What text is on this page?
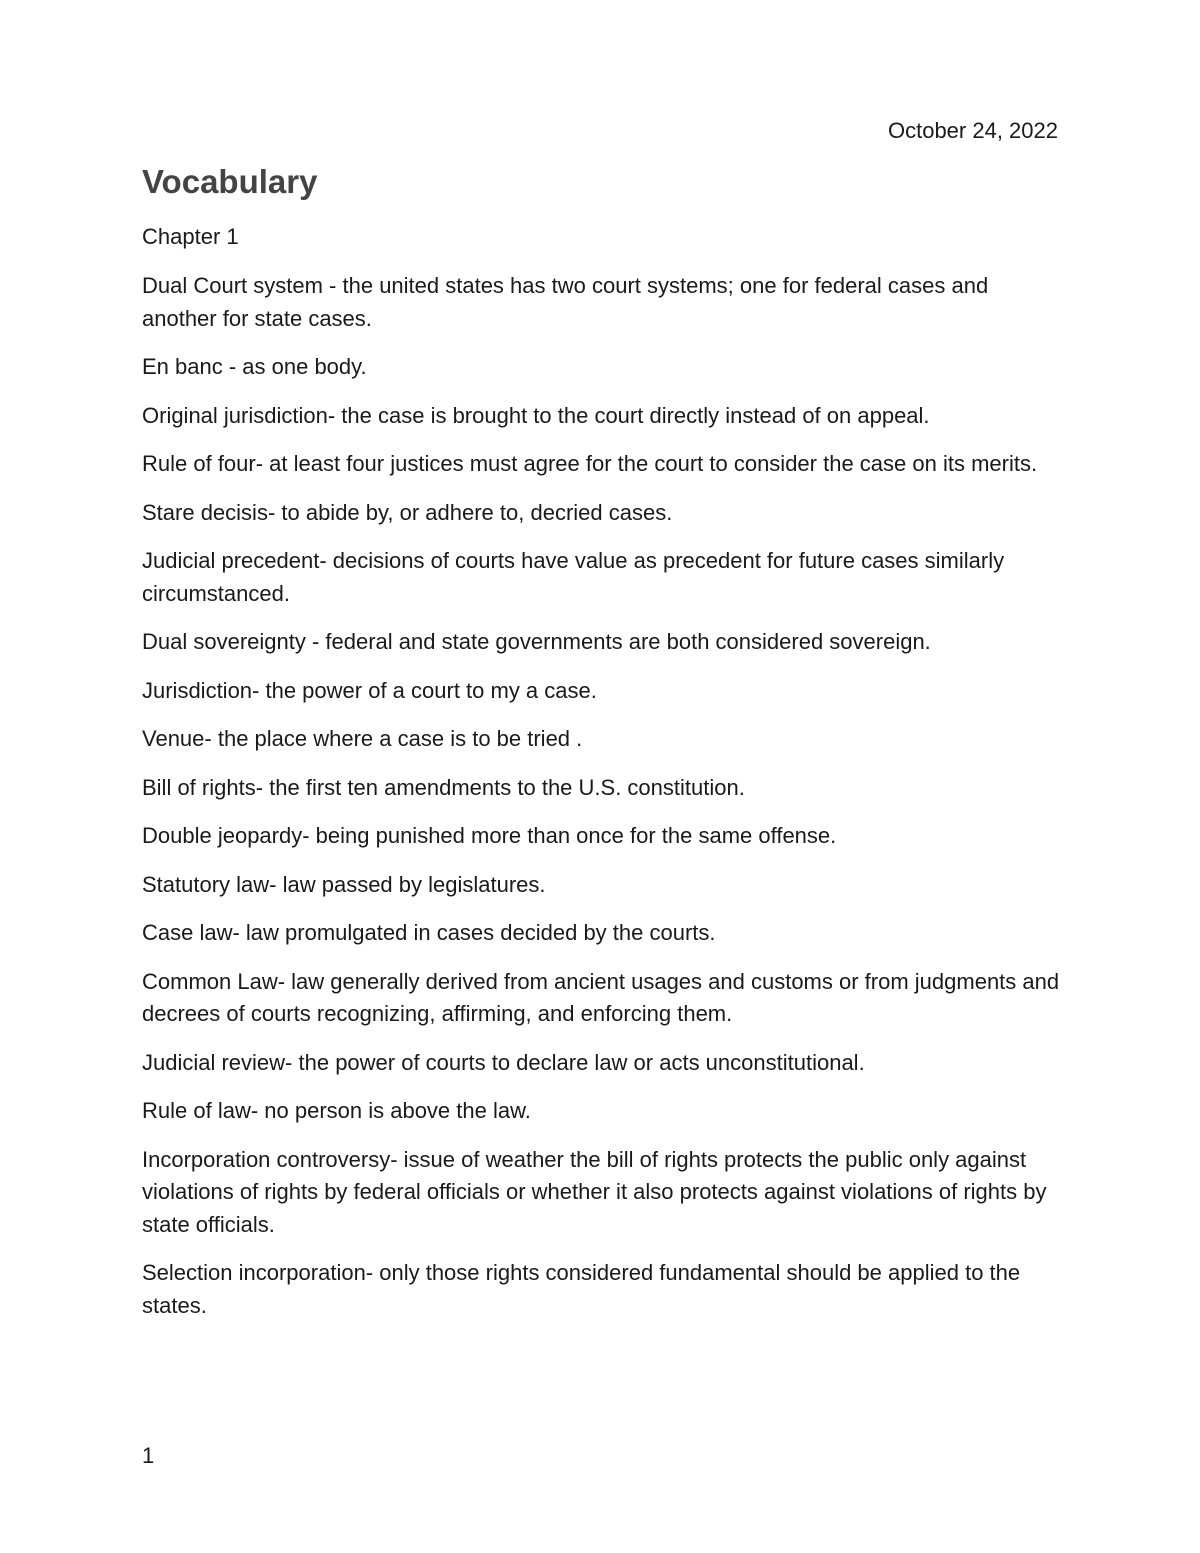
October 24, 2022
Vocabulary
Chapter 1
Dual Court system - the united states has two court systems; one for federal cases and another for state cases.
En banc - as one body.
Original jurisdiction- the case is brought to the court directly instead of on appeal.
Rule of four- at least four justices must agree for the court to consider the case on its merits.
Stare decisis- to abide by, or adhere to, decried cases.
Judicial precedent- decisions of courts have value as precedent for future cases similarly circumstanced.
Dual sovereignty - federal and state governments are both considered sovereign.
Jurisdiction- the power of a court to my a case.
Venue- the place where a case is to be tried .
Bill of rights- the first ten amendments to the U.S. constitution.
Double jeopardy- being punished more than once for the same offense.
Statutory law- law passed by legislatures.
Case law- law promulgated in cases decided by the courts.
Common Law- law generally derived from ancient usages and customs or from judgments and decrees of courts recognizing, affirming, and enforcing them.
Judicial review- the power of courts to declare law or acts unconstitutional.
Rule of law- no person is above the law.
Incorporation controversy- issue of weather the bill of rights protects the public only against violations of rights by federal officials or whether it also protects against violations of rights by state officials.
Selection incorporation- only those rights considered fundamental should be applied to the states.
1
